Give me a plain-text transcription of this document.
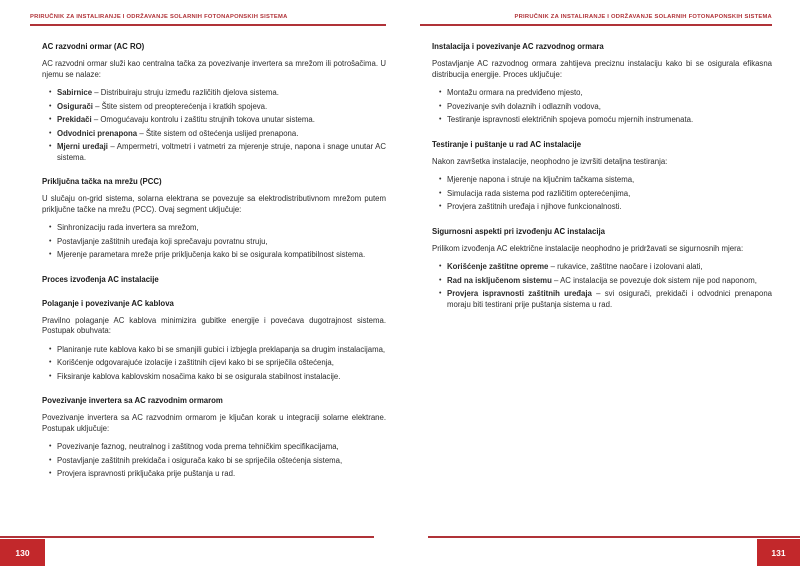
PRIRUČNIK ZA INSTALIRANJE I ODRŽAVANJE SOLARNIH FOTONAPONSKIH SISTEMA	PRIRUČNIK ZA INSTALIRANJE I ODRŽAVANJE SOLARNIH FOTONAPONSKIH SISTEMA
AC razvodni ormar (AC RO)

AC razvodni ormar služi kao centralna tačka za povezivanje invertera sa mrežom ili potrošačima. U njemu se nalaze:

• Sabirnice – Distribuiraju struju između različitih djelova sistema.
• Osigurači – Štite sistem od preopterećenja i kratkih spojeva.
• Prekidači – Omogućavaju kontrolu i zaštitu strujnih tokova unutar sistema.
• Odvodnici prenapona – Štite sistem od oštećenja uslijed prenapona.
• Mjerni uređaji – Ampermetri, voltmetri i vatmetri za mjerenje struje, napona i snage unutar AC sistema.
Priključna tačka na mrežu (PCC)

U slučaju on-grid sistema, solarna elektrana se povezuje sa elektrodistributivnom mrežom putem priključne tačke na mrežu (PCC). Ovaj segment uključuje:

• Sinhronizaciju rada invertera sa mrežom,
• Postavljanje zaštitnih uređaja koji sprečavaju povratnu struju,
• Mjerenje parametara mreže prije priključenja kako bi se osigurala kompatibilnost sistema.
Proces izvođenja AC instalacije
Polaganje i povezivanje AC kablova

Pravilno polaganje AC kablova minimizira gubitke energije i povećava dugotrajnost sistema. Postupak obuhvata:

• Planiranje rute kablova kako bi se smanjili gubici i izbjegla preklapanja sa drugim instalacijama,
• Korišćenje odgovarajuće izolacije i zaštitnih cijevi kako bi se spriječila oštećenja,
• Fiksiranje kablova kablovskim nosačima kako bi se osigurala stabilnost instalacije.
Povezivanje invertera sa AC razvodnim ormarom

Povezivanje invertera sa AC razvodnim ormarom je ključan korak u integraciji solarne elektrane. Postupak uključuje:

• Povezivanje faznog, neutralnog i zaštitnog voda prema tehničkim specifikacijama,
• Postavljanje zaštitnih prekidača i osigurača kako bi se spriječila oštećenja sistema,
• Provjera ispravnosti priključaka prije puštanja u rad.
Instalacija i povezivanje AC razvodnog ormara

Postavljanje AC razvodnog ormara zahtijeva preciznu instalaciju kako bi se osigurala efikasna distribucija energije. Proces uključuje:

• Montažu ormara na predviđeno mjesto,
• Povezivanje svih dolaznih i odlaznih vodova,
• Testiranje ispravnosti električnih spojeva pomoću mjernih instrumenata.
Testiranje i puštanje u rad AC instalacije

Nakon završetka instalacije, neophodno je izvršiti detaljna testiranja:

• Mjerenje napona i struje na ključnim tačkama sistema,
• Simulacija rada sistema pod različitim opterećenjima,
• Provjera zaštitnih uređaja i njihove funkcionalnosti.
Sigurnosni aspekti pri izvođenju AC instalacija

Prilikom izvođenja AC električne instalacije neophodno je pridržavati se sigurnosnih mjera:

• Korišćenje zaštitne opreme – rukavice, zaštitne naočare i izolovani alati,
• Rad na isključenom sistemu – AC instalacija se povezuje dok sistem nije pod naponom,
• Provjera ispravnosti zaštitnih uređaja – svi osigurači, prekidači i odvodnici prenapona moraju biti testirani prije puštanja sistema u rad.
130	131
